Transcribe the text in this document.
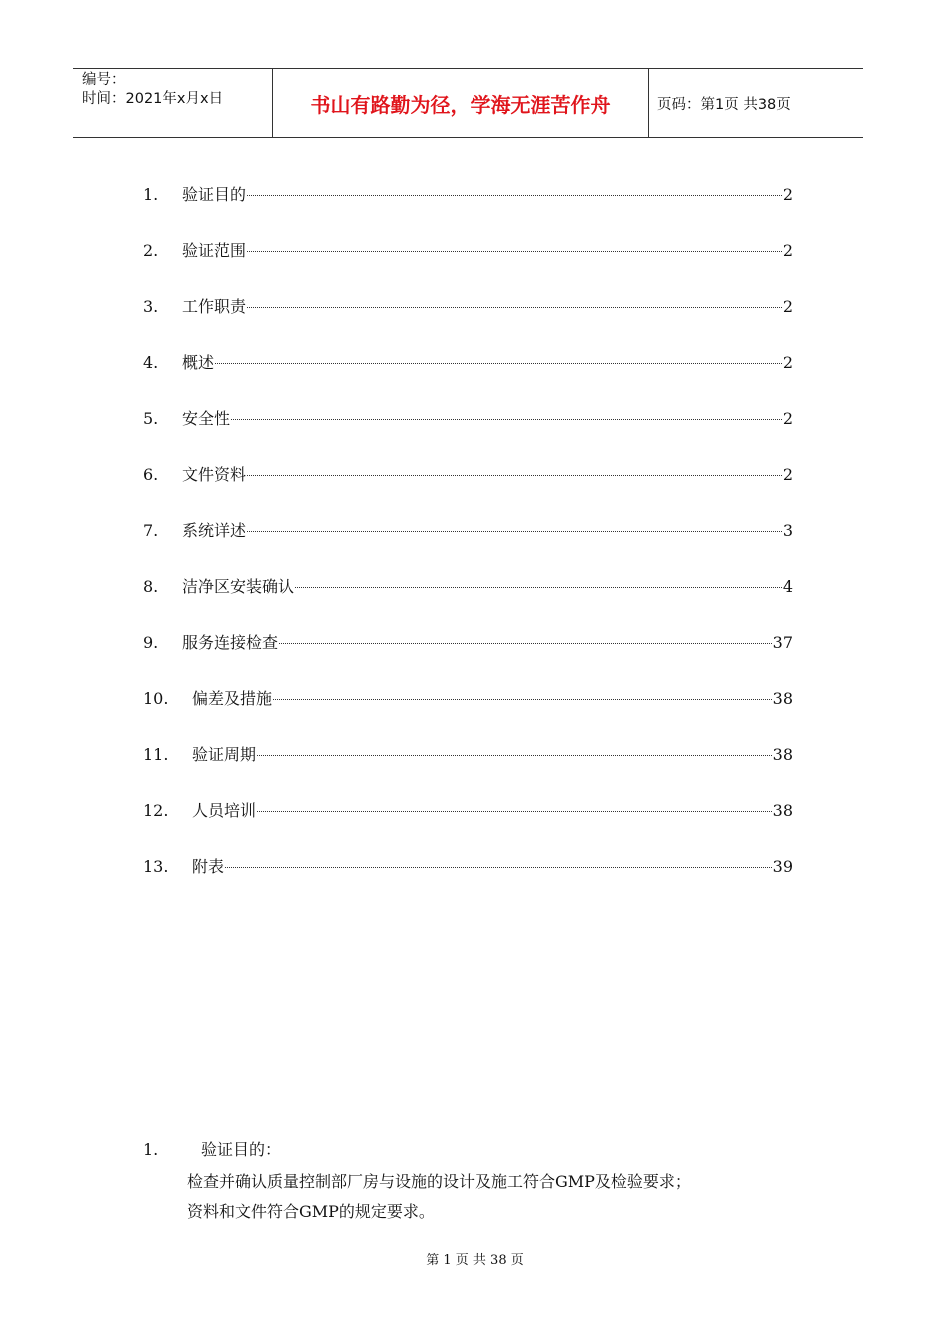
编号：
时间：2021年x月x日	书山有路勤为径，学海无涯苦作舟	页码：第1页 共38页
1. 验证目的	2
2. 验证范围	2
3. 工作职责	2
4. 概述	2
5. 安全性	2
6. 文件资料	2
7. 系统详述	3
8. 洁净区安装确认	4
9. 服务连接检查	37
10. 偏差及措施	38
11. 验证周期	38
12. 人员培训	38
13. 附表	39
1.	验证目的：

检查并确认质量控制部厂房与设施的设计及施工符合GMP及检验要求；

资料和文件符合GMP的规定要求。

第 1 页 共 38 页
